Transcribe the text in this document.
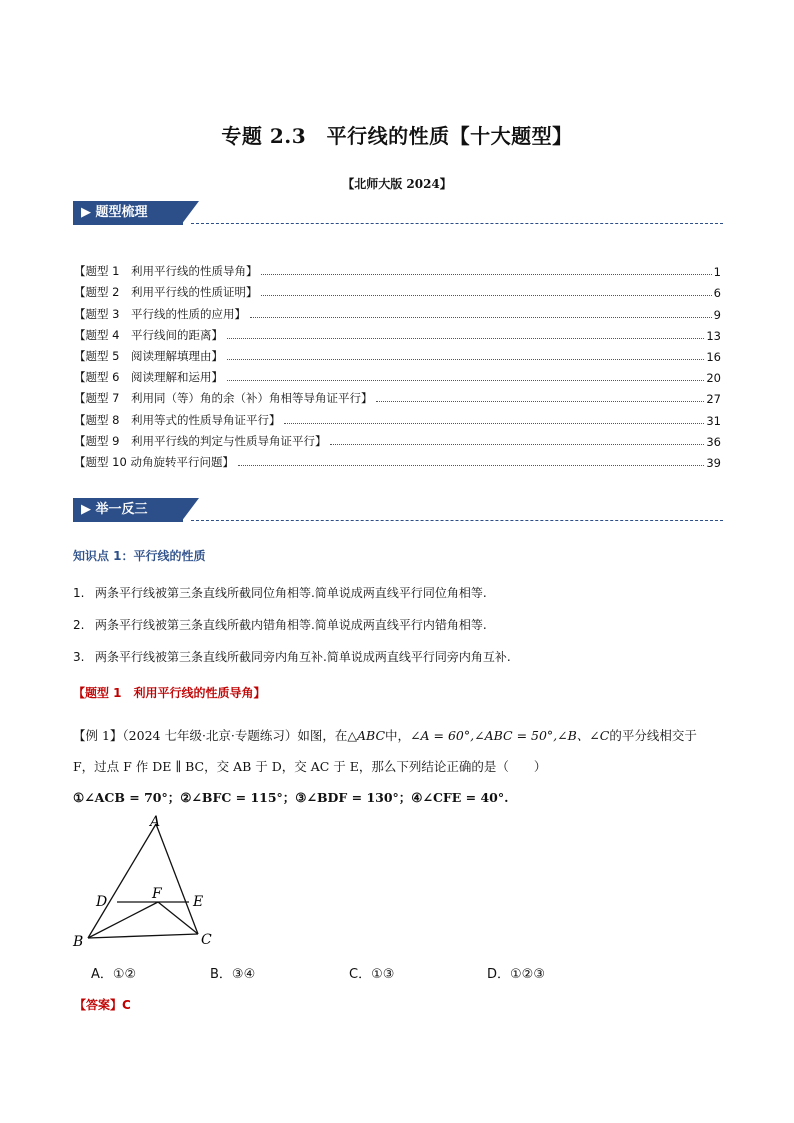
专题 2.3　平行线的性质【十大题型】
【北师大版 2024】
▶ 题型梳理
【题型 1　利用平行线的性质导角】	1
【题型 2　利用平行线的性质证明】	6
【题型 3　平行线的性质的应用】	9
【题型 4　平行线间的距离】	13
【题型 5　阅读理解填理由】	16
【题型 6　阅读理解和运用】	20
【题型 7　利用同（等）角的余（补）角相等导角证平行】	27
【题型 8　利用等式的性质导角证平行】	31
【题型 9　利用平行线的判定与性质导角证平行】	36
【题型 10 动角旋转平行问题】	39
▶ 举一反三
知识点 1：平行线的性质
1. 两条平行线被第三条直线所截同位角相等.简单说成两直线平行同位角相等.
2. 两条平行线被第三条直线所截内错角相等.简单说成两直线平行内错角相等.
3. 两条平行线被第三条直线所截同旁内角互补.简单说成两直线平行同旁内角互补.
【题型 1　利用平行线的性质导角】
【例 1】（2024 七年级·北京·专题练习）如图，在△ABC中，∠A = 60°,∠ABC = 50°,∠B、∠C的平分线相交于
F，过点 F 作 DE ∥ BC，交 AB 于 D，交 AC 于 E，那么下列结论正确的是（　　）
①∠ACB = 70°；②∠BFC = 115°；③∠BDF = 130°；④∠CFE = 40°.
A
B	C
D	E
F
A．①②	B．③④	C．①③	D．①②③
【答案】C
